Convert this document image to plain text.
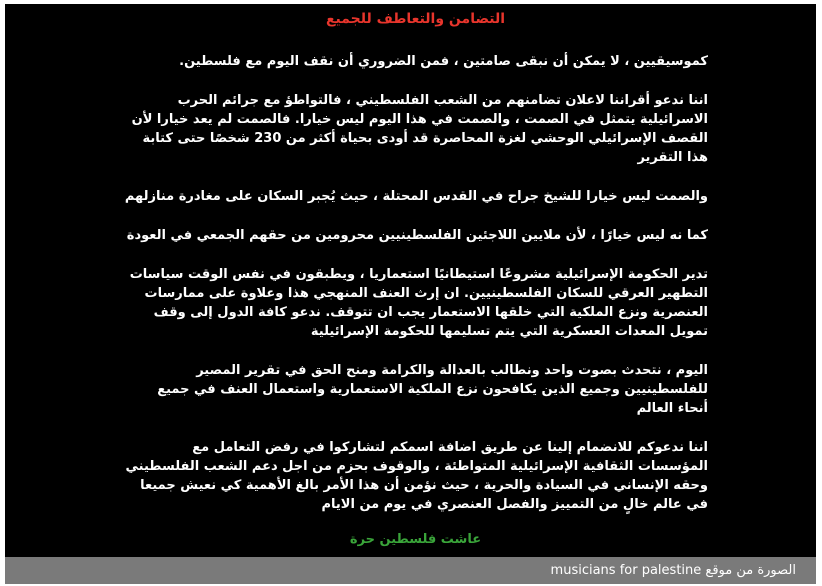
التضامن والتعاطف للجميع

كموسيقيين ، لا يمكن أن نبقى صامتين ، فمن الضروري أن نقف اليوم مع فلسطين.

اننا ندعو أقراننا لاعلان تضامنهم من الشعب الفلسطيني ، فالتواطؤ مع جرائم الحرب الاسرائيلية يتمثل في الصمت ، والصمت في هذا اليوم ليس خيارا. فالصمت لم يعد خيارا لأن القصف الإسرائيلي الوحشي لغزة المحاصرة قد أودى بحياة أكثر من 230 شخصًا حتى كتابة هذا التقرير

والصمت ليس خيارا للشيخ جراح في القدس المحتلة ، حيث يُجبر السكان على مغادرة منازلهم

كما نه ليس خيارًا ، لأن ملايين اللاجئين الفلسطينيين محرومين من حقهم الجمعي في العودة

تدير الحكومة الإسرائيلية مشروعًا استيطانيًا استعماريا ، ويطبقون في نفس الوقت سياسات التطهير العرقي للسكان الفلسطينيين. ان إرث العنف المنهجي هذا وعلاوة على ممارسات العنصرية ونزع الملكية التي خلقها الاستعمار يجب ان تتوقف. ندعو كافة الدول إلى وقف تمويل المعدات العسكرية التي يتم تسليمها للحكومة الإسرائيلية

اليوم ، نتحدث بصوت واحد ونطالب بالعدالة والكرامة ومنح الحق في تقرير المصير للفلسطينيين وجميع الذين يكافحون نزع الملكية الاستعمارية واستعمال العنف في جميع أنحاء العالم

اننا ندعوكم للانضمام إلينا عن طريق اضافة اسمكم لتشاركوا في رفض التعامل مع المؤسسات الثقافية الإسرائيلية المتواطئة ، والوقوف بحزم من اجل دعم الشعب الفلسطيني وحقه الإنساني في السيادة والحرية ، حيث نؤمن أن هذا الأمر بالغ الأهمية كي نعيش جميعا في عالم خالٍ من التمييز والفصل العنصري في يوم من الايام

عاشت فلسطين حرة
الصورة من موقع musicians for palestine
